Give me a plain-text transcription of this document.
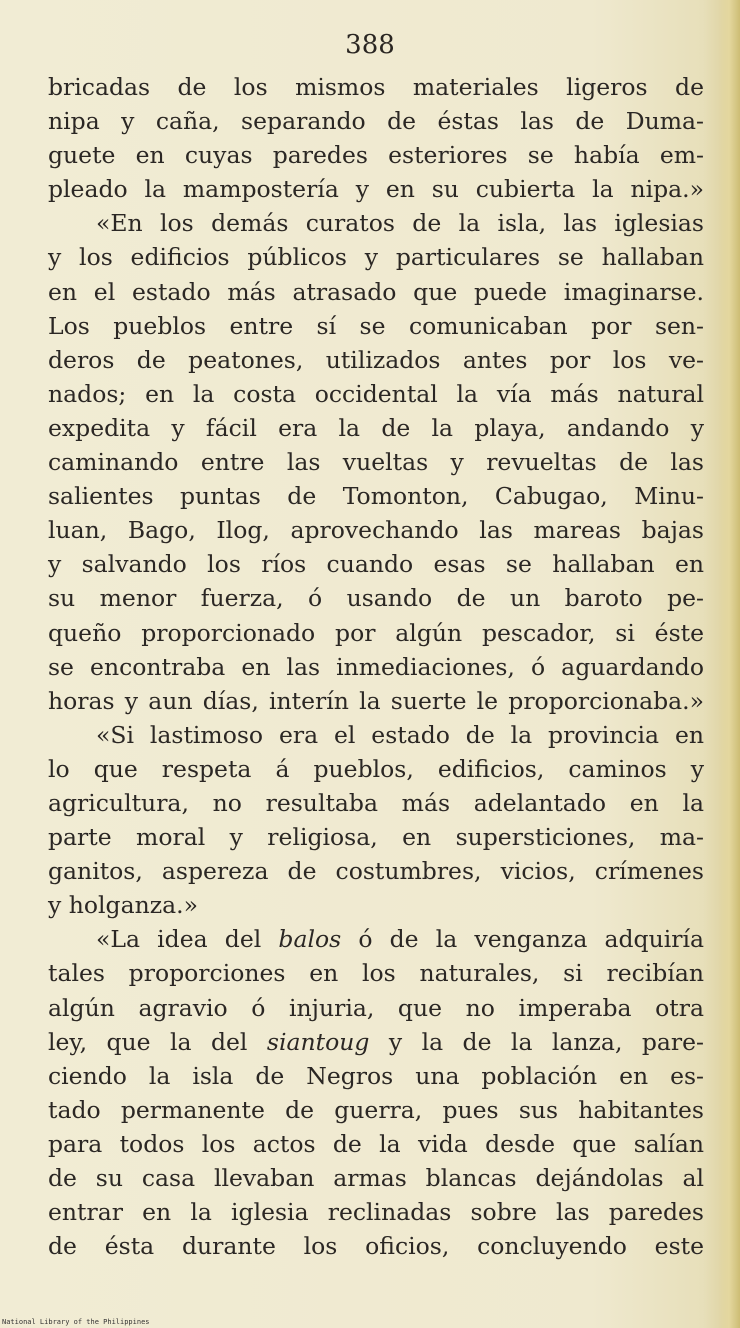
388
bricadas de los mismos materiales ligeros de
nipa y caña, separando de éstas las de Duma-
guete en cuyas paredes esteriores se había em-
pleado la mampostería y en su cubierta la nipa.»
«En los demás curatos de la isla, las iglesias
y los edificios públicos y particulares se hallaban
en el estado más atrasado que puede imaginarse.
Los pueblos entre sí se comunicaban por sen-
deros de peatones, utilizados antes por los ve-
nados; en la costa occidental la vía más natural
expedita y fácil era la de la playa, andando y
caminando entre las vueltas y revueltas de las
salientes puntas de Tomonton, Cabugao, Minu-
luan, Bago, Ilog, aprovechando las mareas bajas
y salvando los ríos cuando esas se hallaban en
su menor fuerza, ó usando de un baroto pe-
queño proporcionado por algún pescador, si éste
se encontraba en las inmediaciones, ó aguardando
horas y aun días, interín la suerte le proporcionaba.»
«Si lastimoso era el estado de la provincia en
lo que respeta á pueblos, edificios, caminos y
agricultura, no resultaba más adelantado en la
parte moral y religiosa, en supersticiones, ma-
ganitos, aspereza de costumbres, vicios, crímenes
y holganza.»
«La idea del balos ó de la venganza adquiría
tales proporciones en los naturales, si recibían
algún agravio ó injuria, que no imperaba otra
ley, que la del siantoug y la de la lanza, pare-
ciendo la isla de Negros una población en es-
tado permanente de guerra, pues sus habitantes
para todos los actos de la vida desde que salían
de su casa llevaban armas blancas dejándolas al
entrar en la iglesia reclinadas sobre las paredes
de ésta durante los oficios, concluyendo este
National Library of the Philippines
